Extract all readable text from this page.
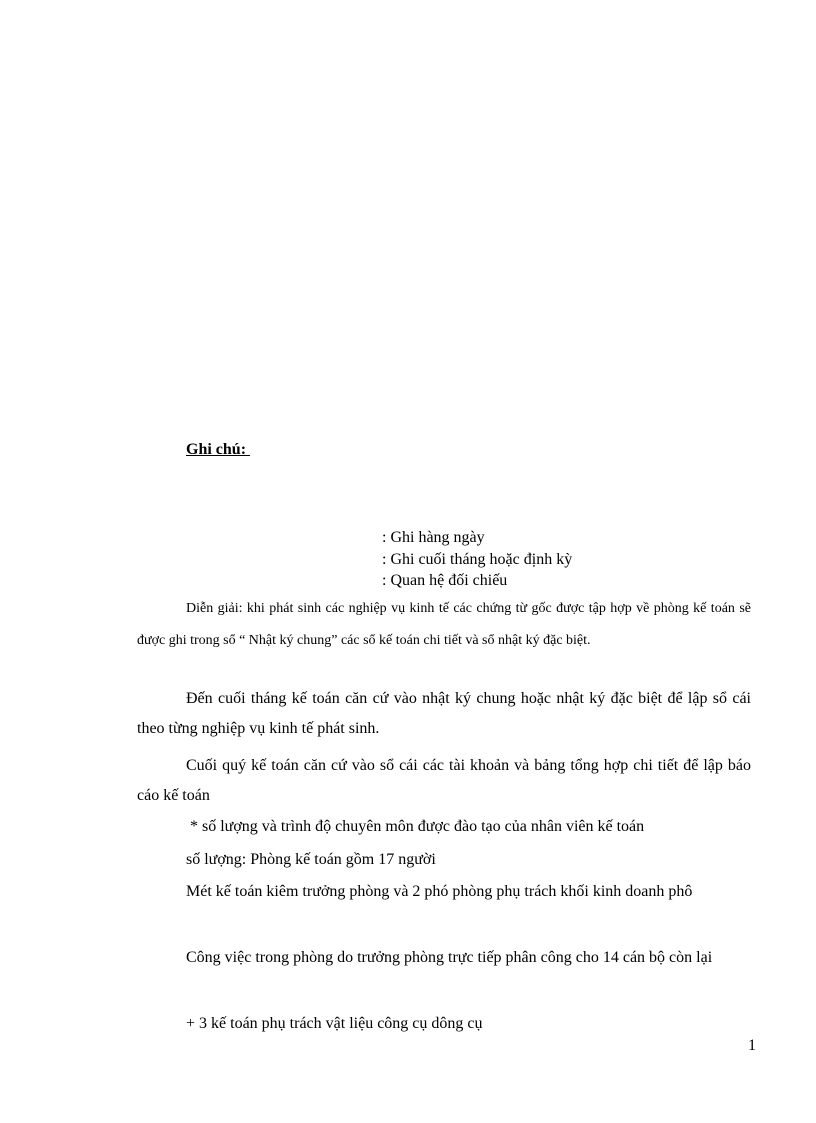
Ghi chú:
: Ghi hàng ngày
: Ghi cuối tháng hoặc định kỳ
: Quan hệ đối chiếu
Diễn giải: khi phát sinh các nghiệp vụ kinh tế các chứng từ gốc được tập hợp về phòng kế toán sẽ được ghi trong sổ “ Nhật ký chung” các sổ kế toán chi tiết và sổ nhật ký đặc biệt.
Đến cuối tháng kế toán căn cứ vào nhật ký chung hoặc nhật ký đặc biệt để lập sổ cái theo từng nghiệp vụ kinh tế phát sinh.
Cuối quý kế toán căn cứ vào sổ cái các tài khoản và bảng tổng hợp chi tiết để lập báo cáo kế toán
* số lượng và trình độ chuyên môn được đào tạo của nhân viên kế toán
số lượng: Phòng kế toán gồm 17 người
Mét kế toán kiêm trưởng phòng và 2 phó phòng phụ trách khối kinh doanh phô
Công việc trong phòng do trưởng phòng trực tiếp phân công cho 14 cán bộ còn lại
+ 3 kế toán phụ trách vật liệu công cụ dông cụ
1
